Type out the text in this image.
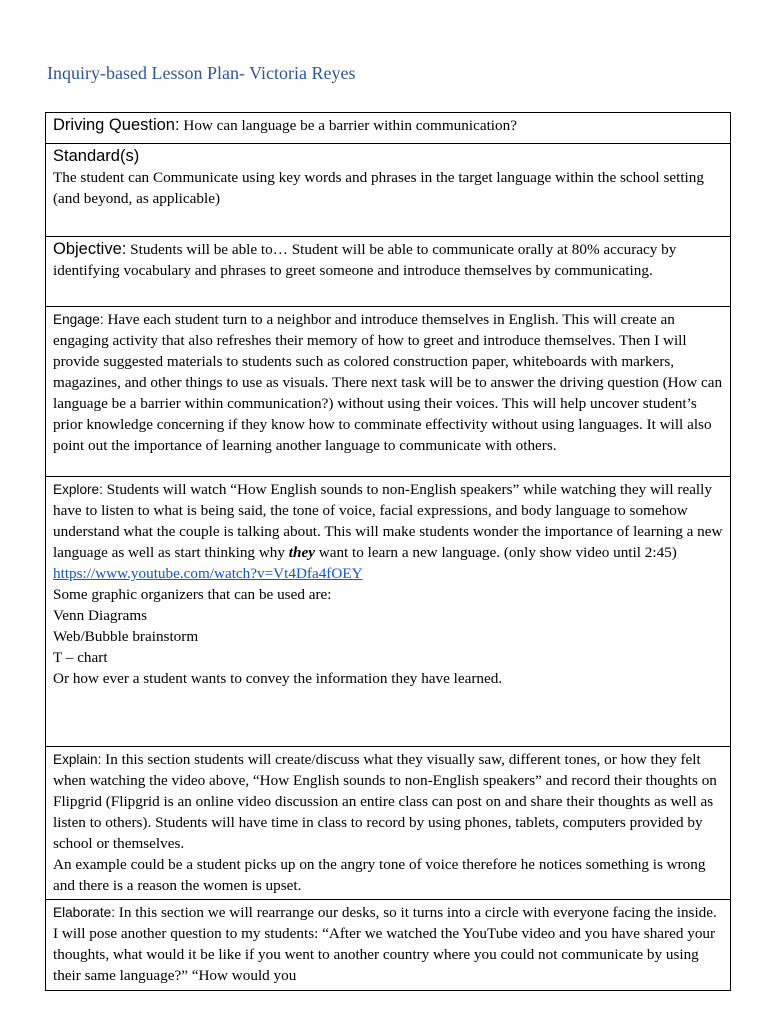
Inquiry-based Lesson Plan- Victoria Reyes
Driving Question: How can language be a barrier within communication?

Standard(s)
The student can Communicate using key words and phrases in the target language within the school setting (and beyond, as applicable)
Objective: Students will be able to… Student will be able to communicate orally at 80% accuracy by identifying vocabulary and phrases to greet someone and introduce themselves by communicating.
Engage: Have each student turn to a neighbor and introduce themselves in English. This will create an engaging activity that also refreshes their memory of how to greet and introduce themselves. Then I will provide suggested materials to students such as colored construction paper, whiteboards with markers, magazines, and other things to use as visuals. There next task will be to answer the driving question (How can language be a barrier within communication?) without using their voices. This will help uncover student’s prior knowledge concerning if they know how to comminate effectivity without using languages. It will also point out the importance of learning another language to communicate with others.
Explore: Students will watch “How English sounds to non-English speakers” while watching they will really have to listen to what is being said, the tone of voice, facial expressions, and body language to somehow understand what the couple is talking about. This will make students wonder the importance of learning a new language as well as start thinking why they want to learn a new language. (only show video until 2:45) https://www.youtube.com/watch?v=Vt4Dfa4fOEY
Some graphic organizers that can be used are:
Venn Diagrams
Web/Bubble brainstorm
T – chart
Or how ever a student wants to convey the information they have learned.

Explain: In this section students will create/discuss what they visually saw, different tones, or how they felt when watching the video above, “How English sounds to non-English speakers” and record their thoughts on Flipgrid (Flipgrid is an online video discussion an entire class can post on and share their thoughts as well as listen to others). Students will have time in class to record by using phones, tablets, computers provided by school or themselves.
An example could be a student picks up on the angry tone of voice therefore he notices something is wrong and there is a reason the women is upset.

Elaborate: In this section we will rearrange our desks, so it turns into a circle with everyone facing the inside. I will pose another question to my students: “After we watched the YouTube video and you have shared your thoughts, what would it be like if you went to another country where you could not communicate by using their same language?” “How would you
